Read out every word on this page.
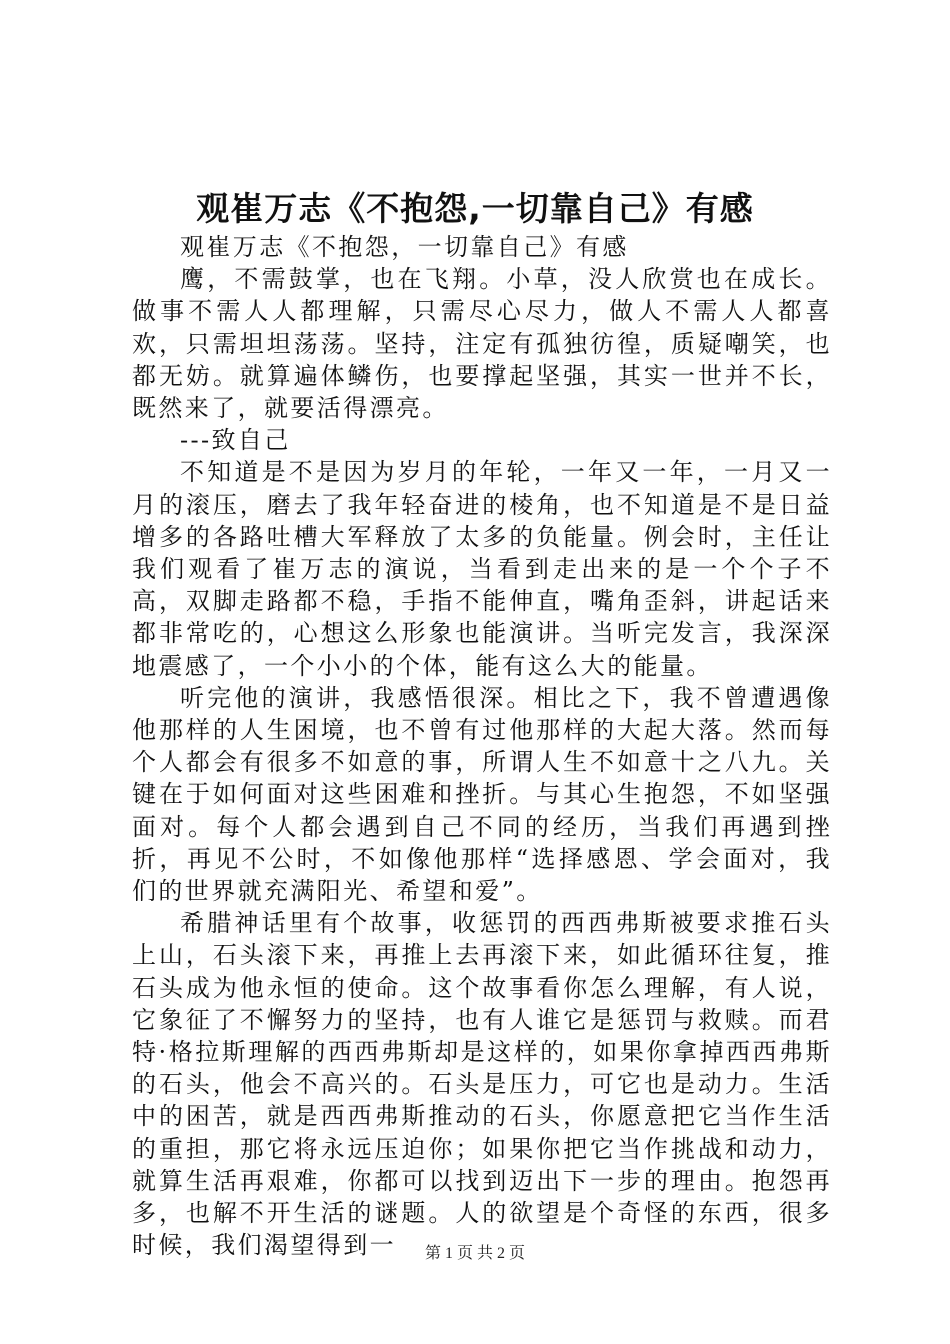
观崔万志《不抱怨,一切靠自己》有感

观崔万志《不抱怨，一切靠自己》有感

鹰，不需鼓掌，也在飞翔。小草，没人欣赏也在成长。做事不需人人都理解，只需尽心尽力，做人不需人人都喜欢，只需坦坦荡荡。坚持，注定有孤独彷徨，质疑嘲笑，也都无妨。就算遍体鳞伤，也要撑起坚强，其实一世并不长，既然来了，就要活得漂亮。

---致自己

不知道是不是因为岁月的年轮，一年又一年，一月又一月的滚压，磨去了我年轻奋进的棱角，也不知道是不是日益增多的各路吐槽大军释放了太多的负能量。例会时，主任让我们观看了崔万志的演说，当看到走出来的是一个个子不高，双脚走路都不稳，手指不能伸直，嘴角歪斜，讲起话来都非常吃的，心想这么形象也能演讲。当听完发言，我深深地震感了，一个小小的个体，能有这么大的能量。

听完他的演讲，我感悟很深。相比之下，我不曾遭遇像他那样的人生困境，也不曾有过他那样的大起大落。然而每个人都会有很多不如意的事，所谓人生不如意十之八九。关键在于如何面对这些困难和挫折。与其心生抱怨，不如坚强面对。每个人都会遇到自己不同的经历，当我们再遇到挫折，再见不公时，不如像他那样“选择感恩、学会面对，我们的世界就充满阳光、希望和爱”。

希腊神话里有个故事，收惩罚的西西弗斯被要求推石头上山，石头滚下来，再推上去再滚下来，如此循环往复，推石头成为他永恒的使命。这个故事看你怎么理解，有人说，它象征了不懈努力的坚持，也有人谁它是惩罚与救赎。而君特·格拉斯理解的西西弗斯却是这样的，如果你拿掉西西弗斯的石头，他会不高兴的。石头是压力，可它也是动力。生活中的困苦，就是西西弗斯推动的石头，你愿意把它当作生活的重担，那它将永远压迫你；如果你把它当作挑战和动力，就算生活再艰难，你都可以找到迈出下一步的理由。抱怨再多，也解不开生活的谜题。人的欲望是个奇怪的东西，很多时候，我们渴望得到一	第 1 页 共 2 页
